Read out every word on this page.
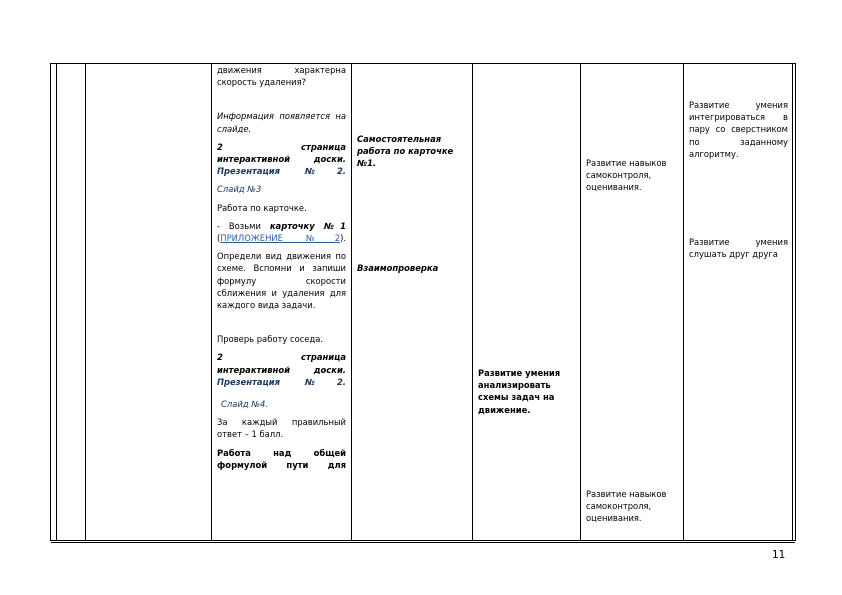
движения характерна скорость удаления?

Информация появляется на слайде.

2 страница интерактивной доски. Презентация №2.

Слайд №3

Работа по карточке.

- Возьми карточку №1 (ПРИЛОЖЕНИЕ №2).

Определи вид движения по схеме. Вспомни и запиши формулу скорости сближения и удаления для каждого вида задачи.

Проверь работу соседа.

2 страница интерактивной доски. Презентация №2.

Слайд №4.

За каждый правильный ответ – 1 балл.

Работа над общей формулой пути для

Самостоятельная работа по карточке №1.

Взаимопроверка

Развитие умения анализировать схемы задач на движение.

Развитие навыков самоконтроля, оценивания.

Развитие навыков самоконтроля, оценивания.

Развитие умения интегрироваться в пару со сверстником по заданному алгоритму.

Развитие умения слушать друг друга

11
